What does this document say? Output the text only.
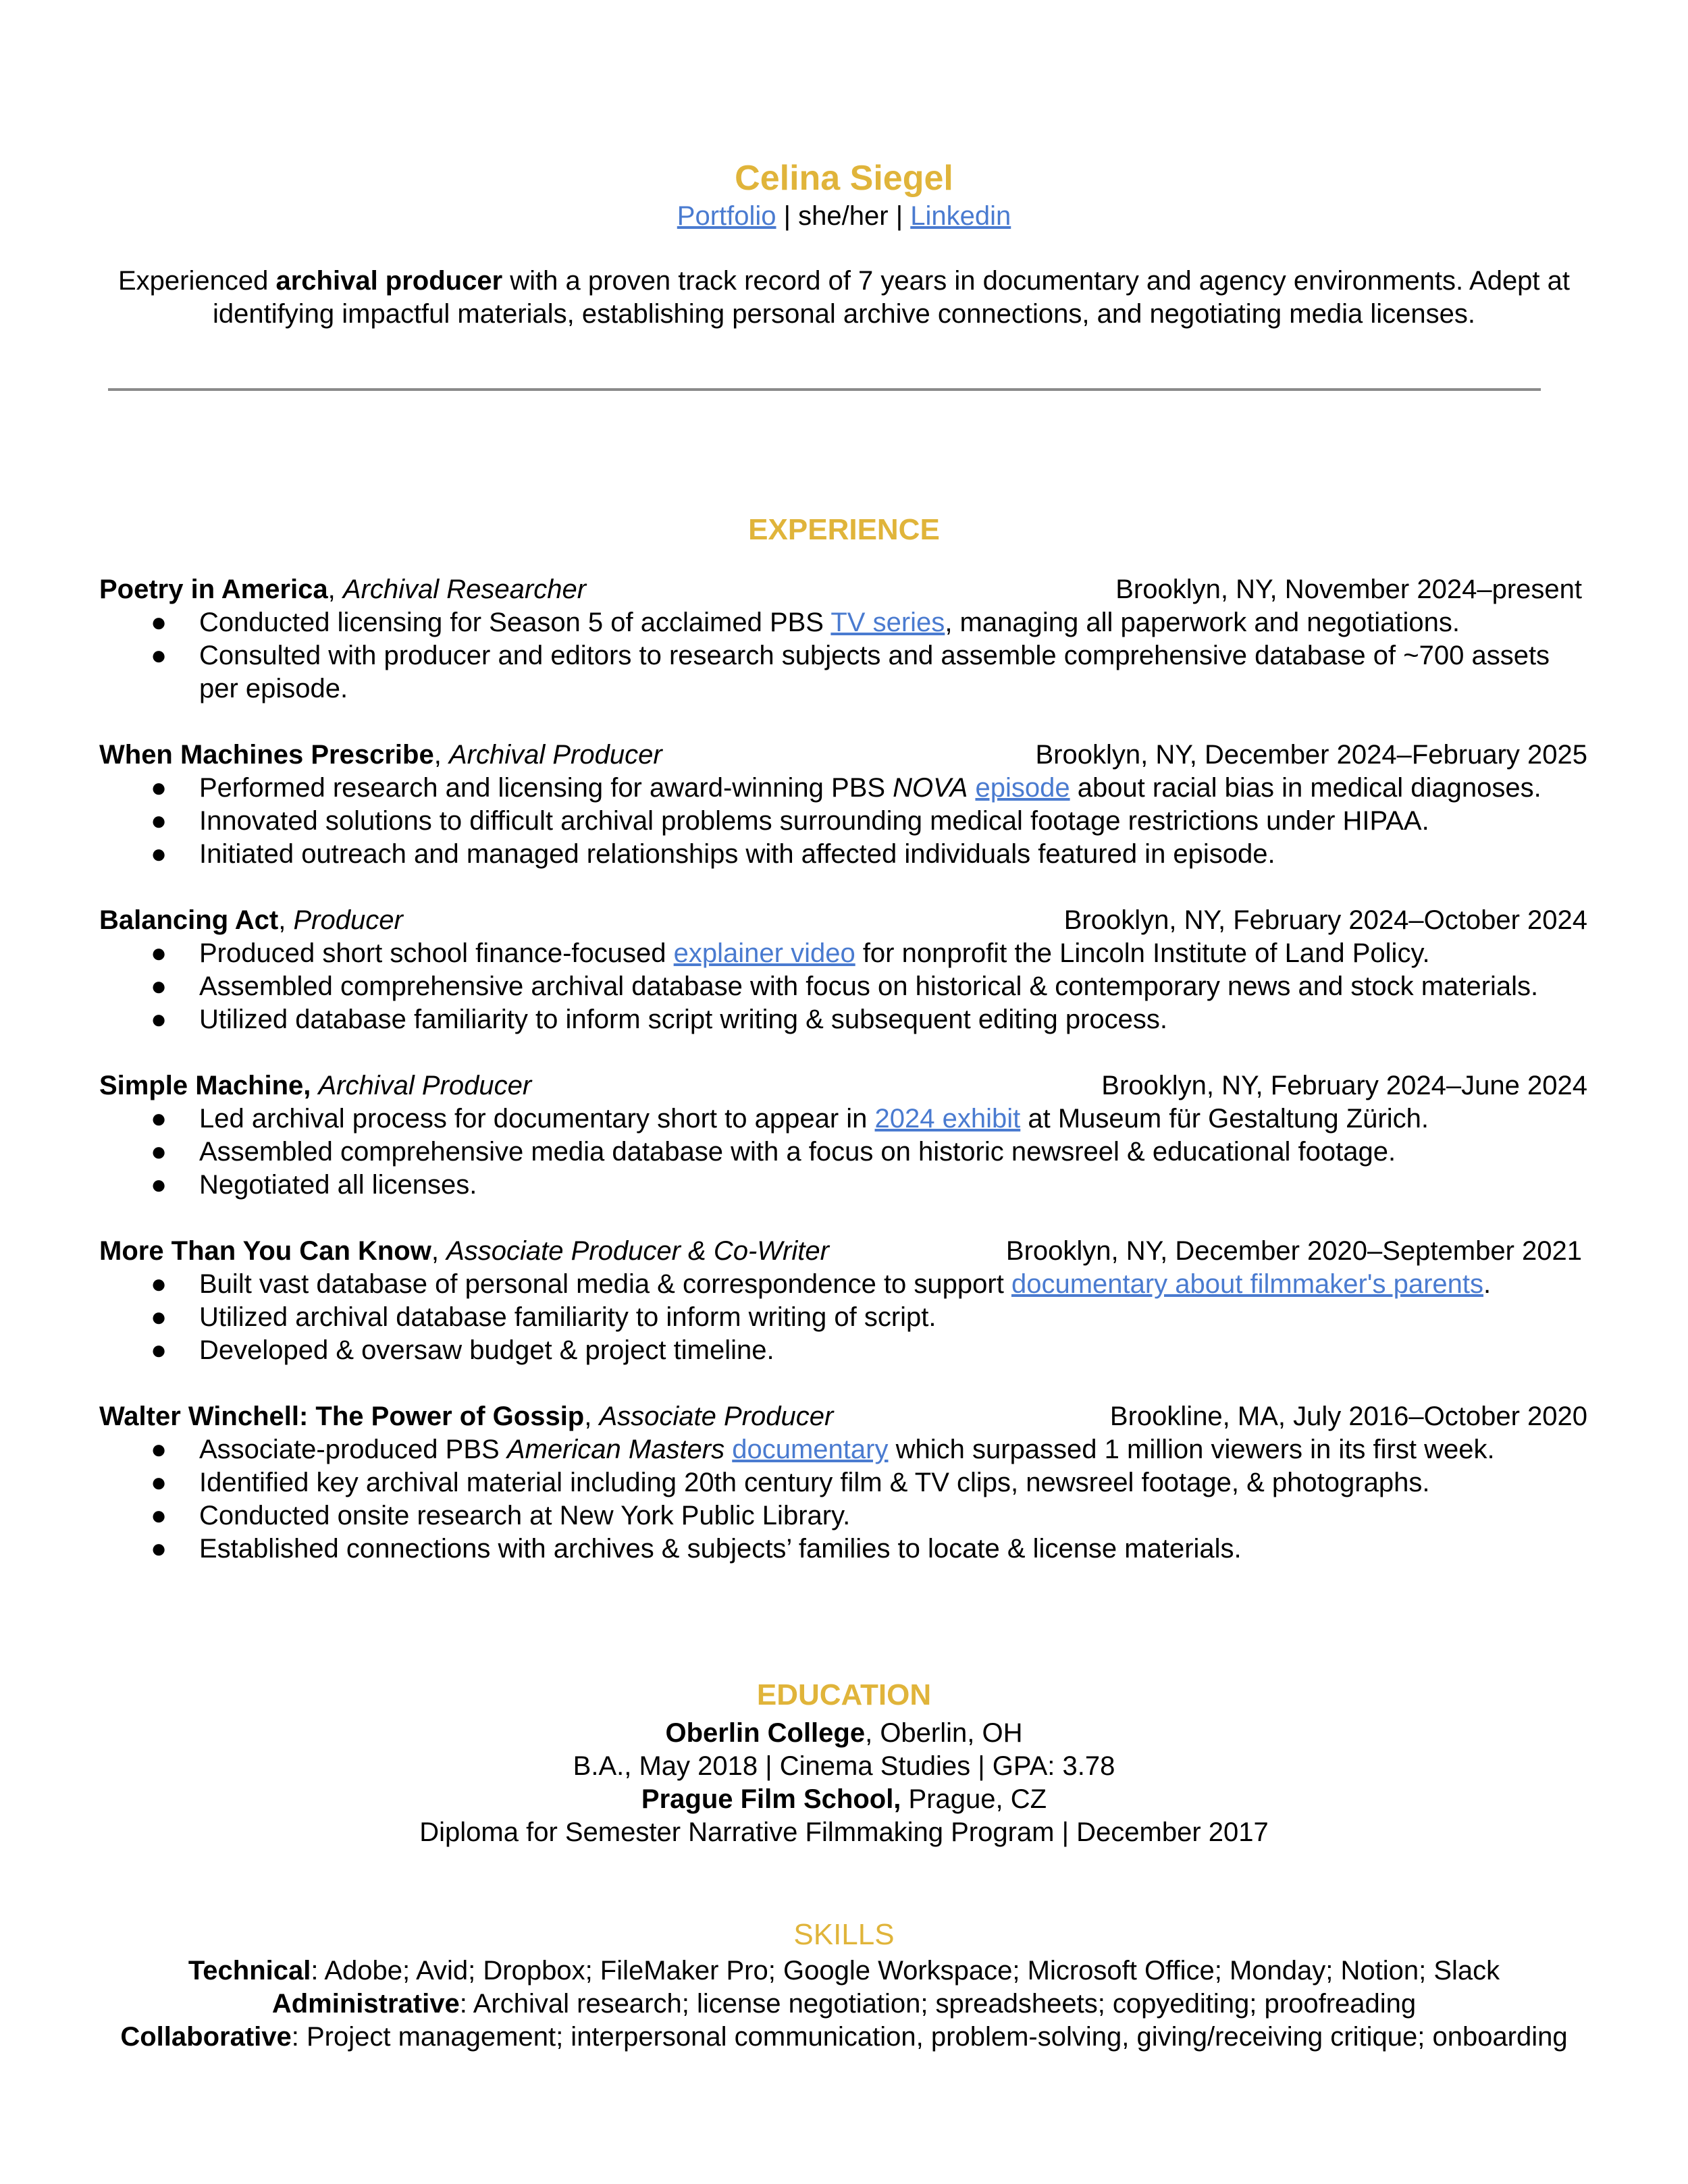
Celina Siegel
Portfolio | she/her | Linkedin
Experienced archival producer with a proven track record of 7 years in documentary and agency environments. Adept at identifying impactful materials, establishing personal archive connections, and negotiating media licenses.
EXPERIENCE
Poetry in America, Archival Researcher	Brooklyn, NY, November 2024–present
● Conducted licensing for Season 5 of acclaimed PBS TV series, managing all paperwork and negotiations.
● Consulted with producer and editors to research subjects and assemble comprehensive database of ~700 assets per episode.
When Machines Prescribe, Archival Producer	Brooklyn, NY, December 2024–February 2025
● Performed research and licensing for award-winning PBS NOVA episode about racial bias in medical diagnoses.
● Innovated solutions to difficult archival problems surrounding medical footage restrictions under HIPAA.
● Initiated outreach and managed relationships with affected individuals featured in episode.
Balancing Act, Producer	Brooklyn, NY, February 2024–October 2024
● Produced short school finance-focused explainer video for nonprofit the Lincoln Institute of Land Policy.
● Assembled comprehensive archival database with focus on historical & contemporary news and stock materials.
● Utilized database familiarity to inform script writing & subsequent editing process.
Simple Machine, Archival Producer	Brooklyn, NY, February 2024–June 2024
● Led archival process for documentary short to appear in 2024 exhibit at Museum für Gestaltung Zürich.
● Assembled comprehensive media database with a focus on historic newsreel & educational footage.
● Negotiated all licenses.
More Than You Can Know, Associate Producer & Co-Writer	Brooklyn, NY, December 2020–September 2021
● Built vast database of personal media & correspondence to support documentary about filmmaker's parents.
● Utilized archival database familiarity to inform writing of script.
● Developed & oversaw budget & project timeline.
Walter Winchell: The Power of Gossip, Associate Producer	Brookline, MA, July 2016–October 2020
● Associate-produced PBS American Masters documentary which surpassed 1 million viewers in its first week.
● Identified key archival material including 20th century film & TV clips, newsreel footage, & photographs.
● Conducted onsite research at New York Public Library.
● Established connections with archives & subjects’ families to locate & license materials.
EDUCATION
Oberlin College, Oberlin, OH
B.A., May 2018 | Cinema Studies | GPA: 3.78
Prague Film School, Prague, CZ
Diploma for Semester Narrative Filmmaking Program | December 2017
SKILLS
Technical: Adobe; Avid; Dropbox; FileMaker Pro; Google Workspace; Microsoft Office; Monday; Notion; Slack
Administrative: Archival research; license negotiation; spreadsheets; copyediting; proofreading
Collaborative: Project management; interpersonal communication, problem-solving, giving/receiving critique; onboarding
